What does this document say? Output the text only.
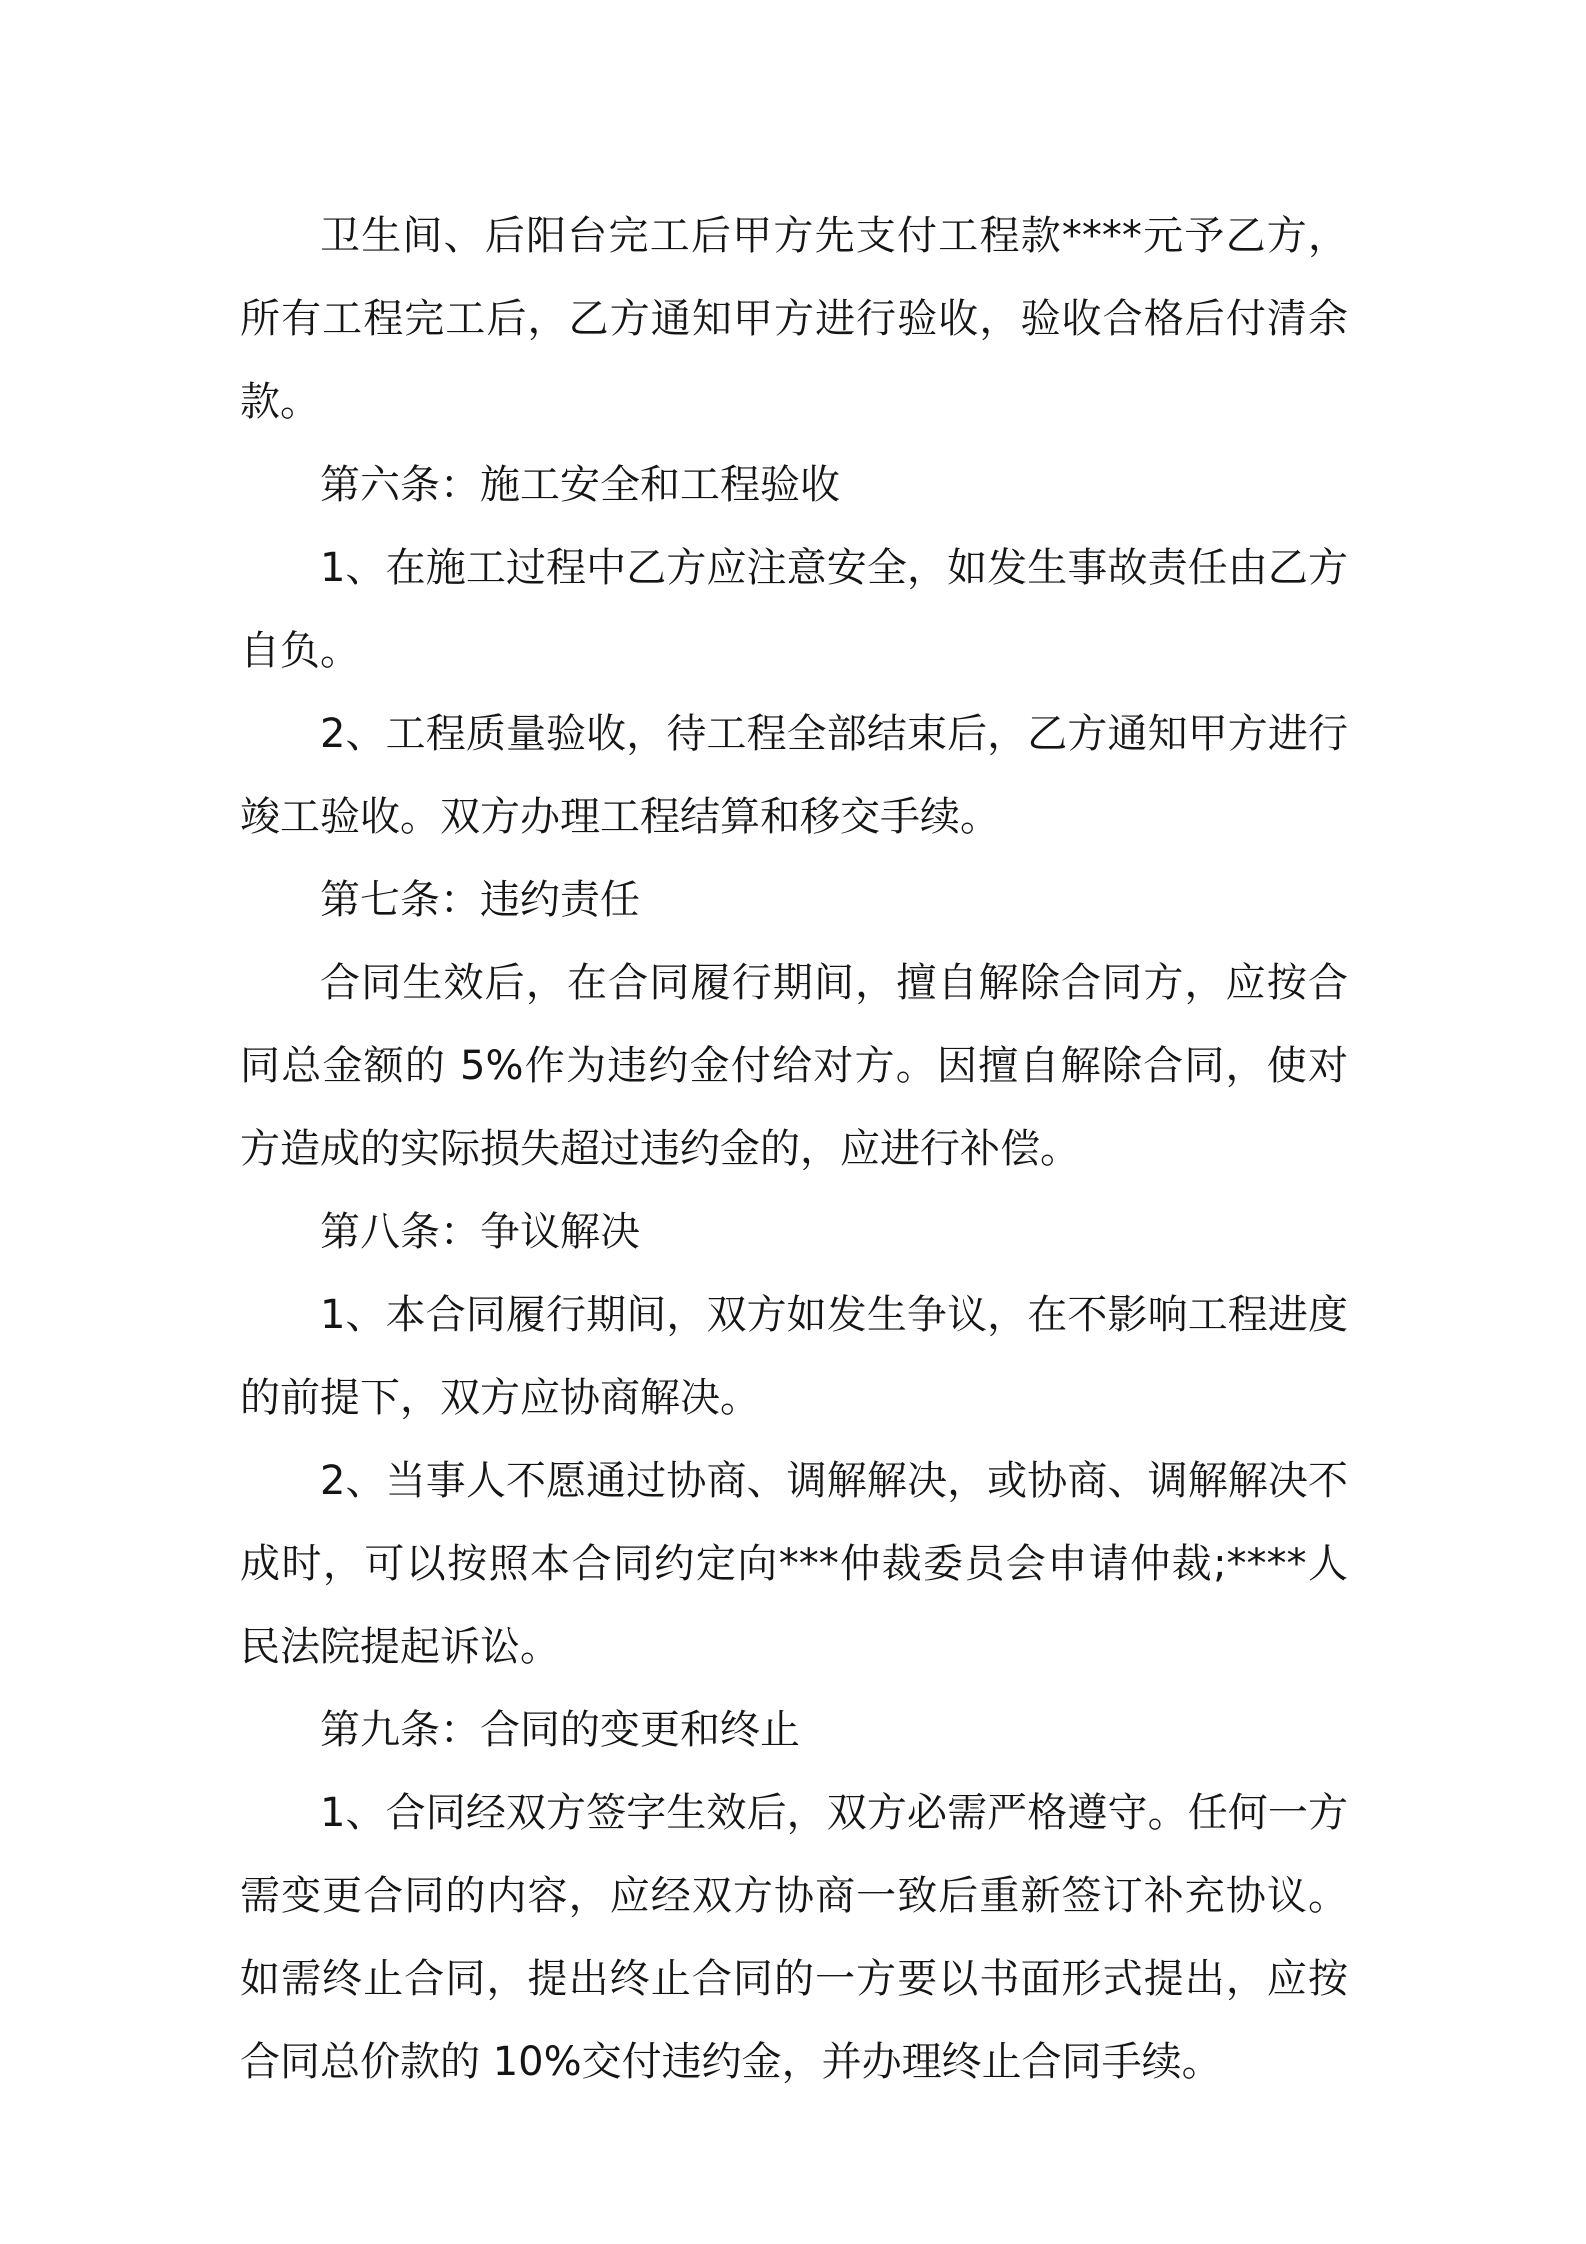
卫生间、后阳台完工后甲方先支付工程款****元予乙方，所有工程完工后，乙方通知甲方进行验收，验收合格后付清余款。

第六条：施工安全和工程验收

1、在施工过程中乙方应注意安全，如发生事故责任由乙方自负。

2、工程质量验收，待工程全部结束后，乙方通知甲方进行竣工验收。双方办理工程结算和移交手续。

第七条：违约责任

合同生效后，在合同履行期间，擅自解除合同方，应按合同总金额的 5%作为违约金付给对方。因擅自解除合同，使对方造成的实际损失超过违约金的，应进行补偿。

第八条：争议解决

1、本合同履行期间，双方如发生争议，在不影响工程进度的前提下，双方应协商解决。

2、当事人不愿通过协商、调解解决，或协商、调解解决不成时，可以按照本合同约定向***仲裁委员会申请仲裁;****人民法院提起诉讼。

第九条：合同的变更和终止

1、合同经双方签字生效后，双方必需严格遵守。任何一方需变更合同的内容，应经双方协商一致后重新签订补充协议。如需终止合同，提出终止合同的一方要以书面形式提出，应按合同总价款的 10%交付违约金，并办理终止合同手续。
